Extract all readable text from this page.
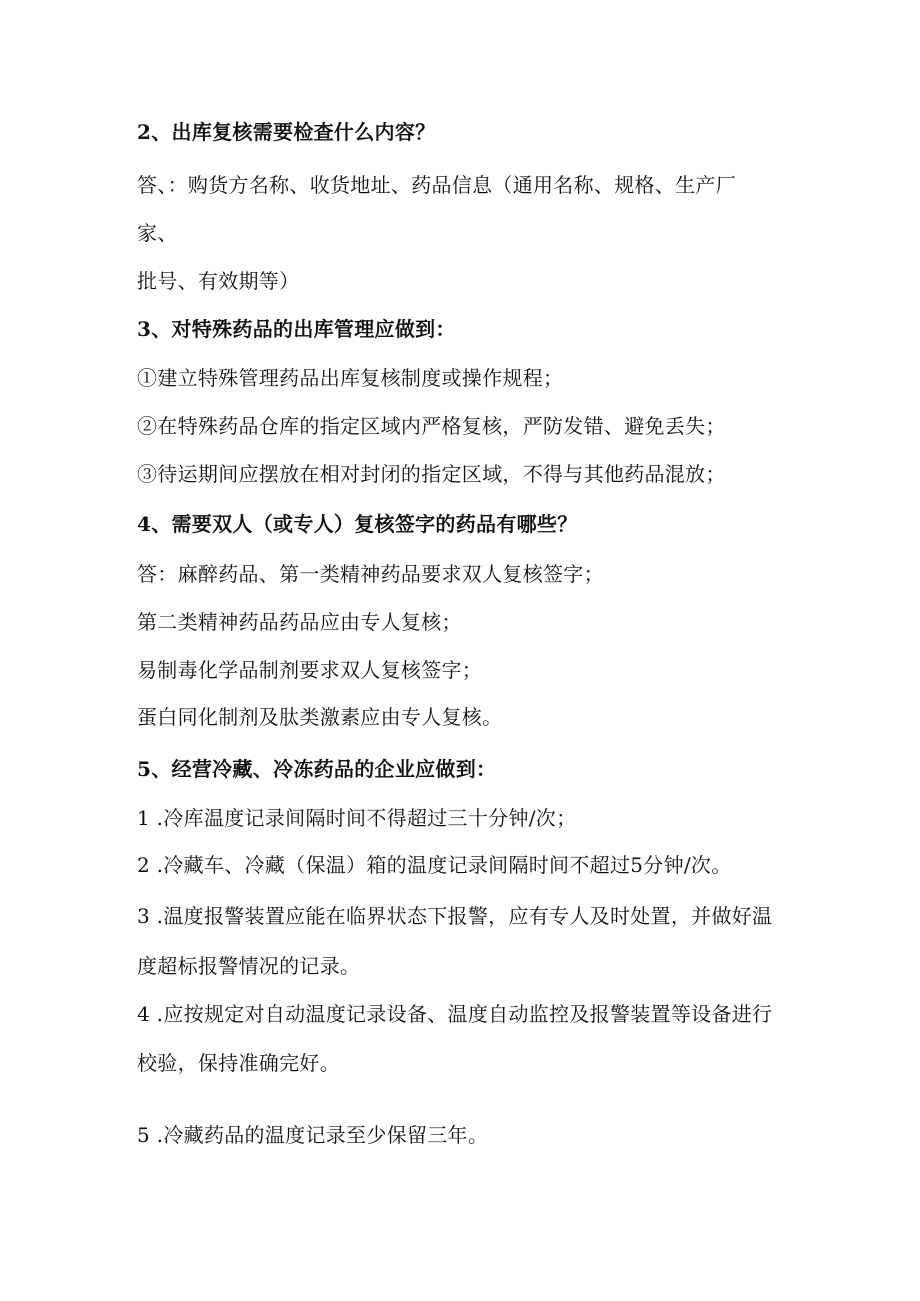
2、出库复核需要检查什么内容？

答、：购货方名称、收货地址、药品信息（通用名称、规格、生产厂

家、

批号、有效期等）

3、对特殊药品的出库管理应做到：

①建立特殊管理药品出库复核制度或操作规程；

②在特殊药品仓库的指定区域内严格复核，严防发错、避免丢失；

③待运期间应摆放在相对封闭的指定区域，不得与其他药品混放；

4、需要双人（或专人）复核签字的药品有哪些？

答：麻醉药品、第一类精神药品要求双人复核签字；

第二类精神药品药品应由专人复核；

易制毒化学品制剂要求双人复核签字；

蛋白同化制剂及肽类激素应由专人复核。

5、经营冷藏、冷冻药品的企业应做到：

1 .冷库温度记录间隔时间不得超过三十分钟/次；

2 .冷藏车、冷藏（保温）箱的温度记录间隔时间不超过5分钟/次。

3 .温度报警装置应能在临界状态下报警，应有专人及时处置，并做好温

度超标报警情况的记录。

4 .应按规定对自动温度记录设备、温度自动监控及报警装置等设备进行

校验，保持准确完好。

5 .冷藏药品的温度记录至少保留三年。
